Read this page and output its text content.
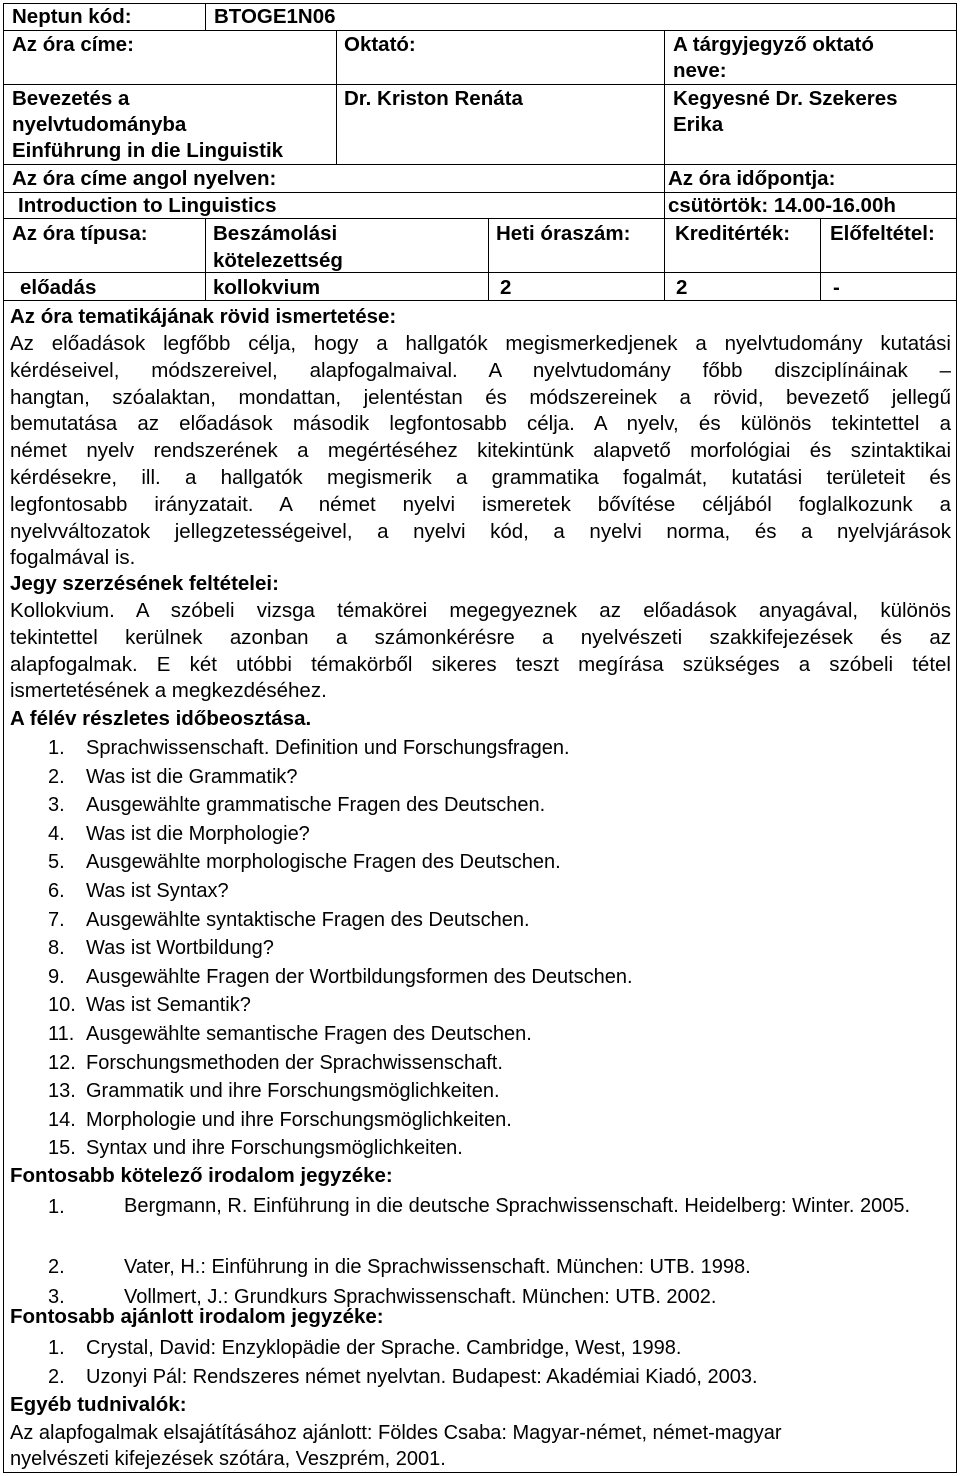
Neptun kód:	BTOGE1N06
Az óra címe:	Oktató:	A tárgyjegyző oktató
neve:
Bevezetés a
nyelvtudományba
Einführung in die Linguistik
Dr. Kriston Renáta	Kegyesné Dr. Szekeres
Erika
Az óra címe angol nyelven:	Az óra időpontja:
Introduction to Linguistics	csütörtök: 14.00-16.00h
Az óra típusa:	Beszámolási
kötelezettség
Heti óraszám: Kreditérték: Előfeltétel:
előadás	kollokvium	2	2	-
Az óra tematikájának rövid ismertetése:
Az előadások legfőbb célja, hogy a hallgatók megismerkedjenek a nyelvtudomány kutatási
kérdéseivel, módszereivel, alapfogalmaival. A nyelvtudomány főbb diszciplínáinak –
hangtan, szóalaktan, mondattan, jelentéstan és módszereinek a rövid, bevezető jellegű
bemutatása az előadások második legfontosabb célja. A nyelv, és különös tekintettel a
német nyelv rendszerének a megértéséhez kitekintünk alapvető morfológiai és szintaktikai
kérdésekre, ill. a hallgatók megismerik a grammatika fogalmát, kutatási területeit és
legfontosabb irányzatait. A német nyelvi ismeretek bővítése céljából foglalkozunk a
nyelvváltozatok jellegzetességeivel, a nyelvi kód, a nyelvi norma, és a nyelvjárások
fogalmával is.
Jegy szerzésének feltételei:
Kollokvium. A szóbeli vizsga témakörei megegyeznek az előadások anyagával, különös
tekintettel kerülnek azonban a számonkérésre a nyelvészeti szakkifejezések és az
alapfogalmak. E két utóbbi témakörből sikeres teszt megírása szükséges a szóbeli tétel
ismertetésének a megkezdéséhez.
A félév részletes időbeosztása.
1.	Sprachwissenschaft. Definition und Forschungsfragen.
2.	Was ist die Grammatik?
3.	Ausgewählte grammatische Fragen des Deutschen.
4.	Was ist die Morphologie?
5.	Ausgewählte morphologische Fragen des Deutschen.
6.	Was ist Syntax?
7.	Ausgewählte syntaktische Fragen des Deutschen.
8.	Was ist Wortbildung?
9.	Ausgewählte Fragen der Wortbildungsformen des Deutschen.
10. Was ist Semantik?
11. Ausgewählte semantische Fragen des Deutschen.
12. Forschungsmethoden der Sprachwissenschaft.
13. Grammatik und ihre Forschungsmöglichkeiten.
14. Morphologie und ihre Forschungsmöglichkeiten.
15. Syntax und ihre Forschungsmöglichkeiten.
Fontosabb kötelező irodalom jegyzéke:
1.	Bergmann, R. Einführung in die deutsche Sprachwissenschaft. Heidelberg: Winter. 2005.
2.	Vater, H.: Einführung in die Sprachwissenschaft. München: UTB. 1998.
3.	Vollmert, J.: Grundkurs Sprachwissenschaft. München: UTB. 2002.
Fontosabb ajánlott irodalom jegyzéke:
1.	Crystal, David: Enzyklopädie der Sprache. Cambridge, West, 1998.
2.	Uzonyi Pál: Rendszeres német nyelvtan. Budapest: Akadémiai Kiadó, 2003.
Egyéb tudnivalók:
Az alapfogalmak elsajátításához ajánlott: Földes Csaba: Magyar-német, német-magyar
nyelvészeti kifejezések szótára, Veszprém, 2001.
